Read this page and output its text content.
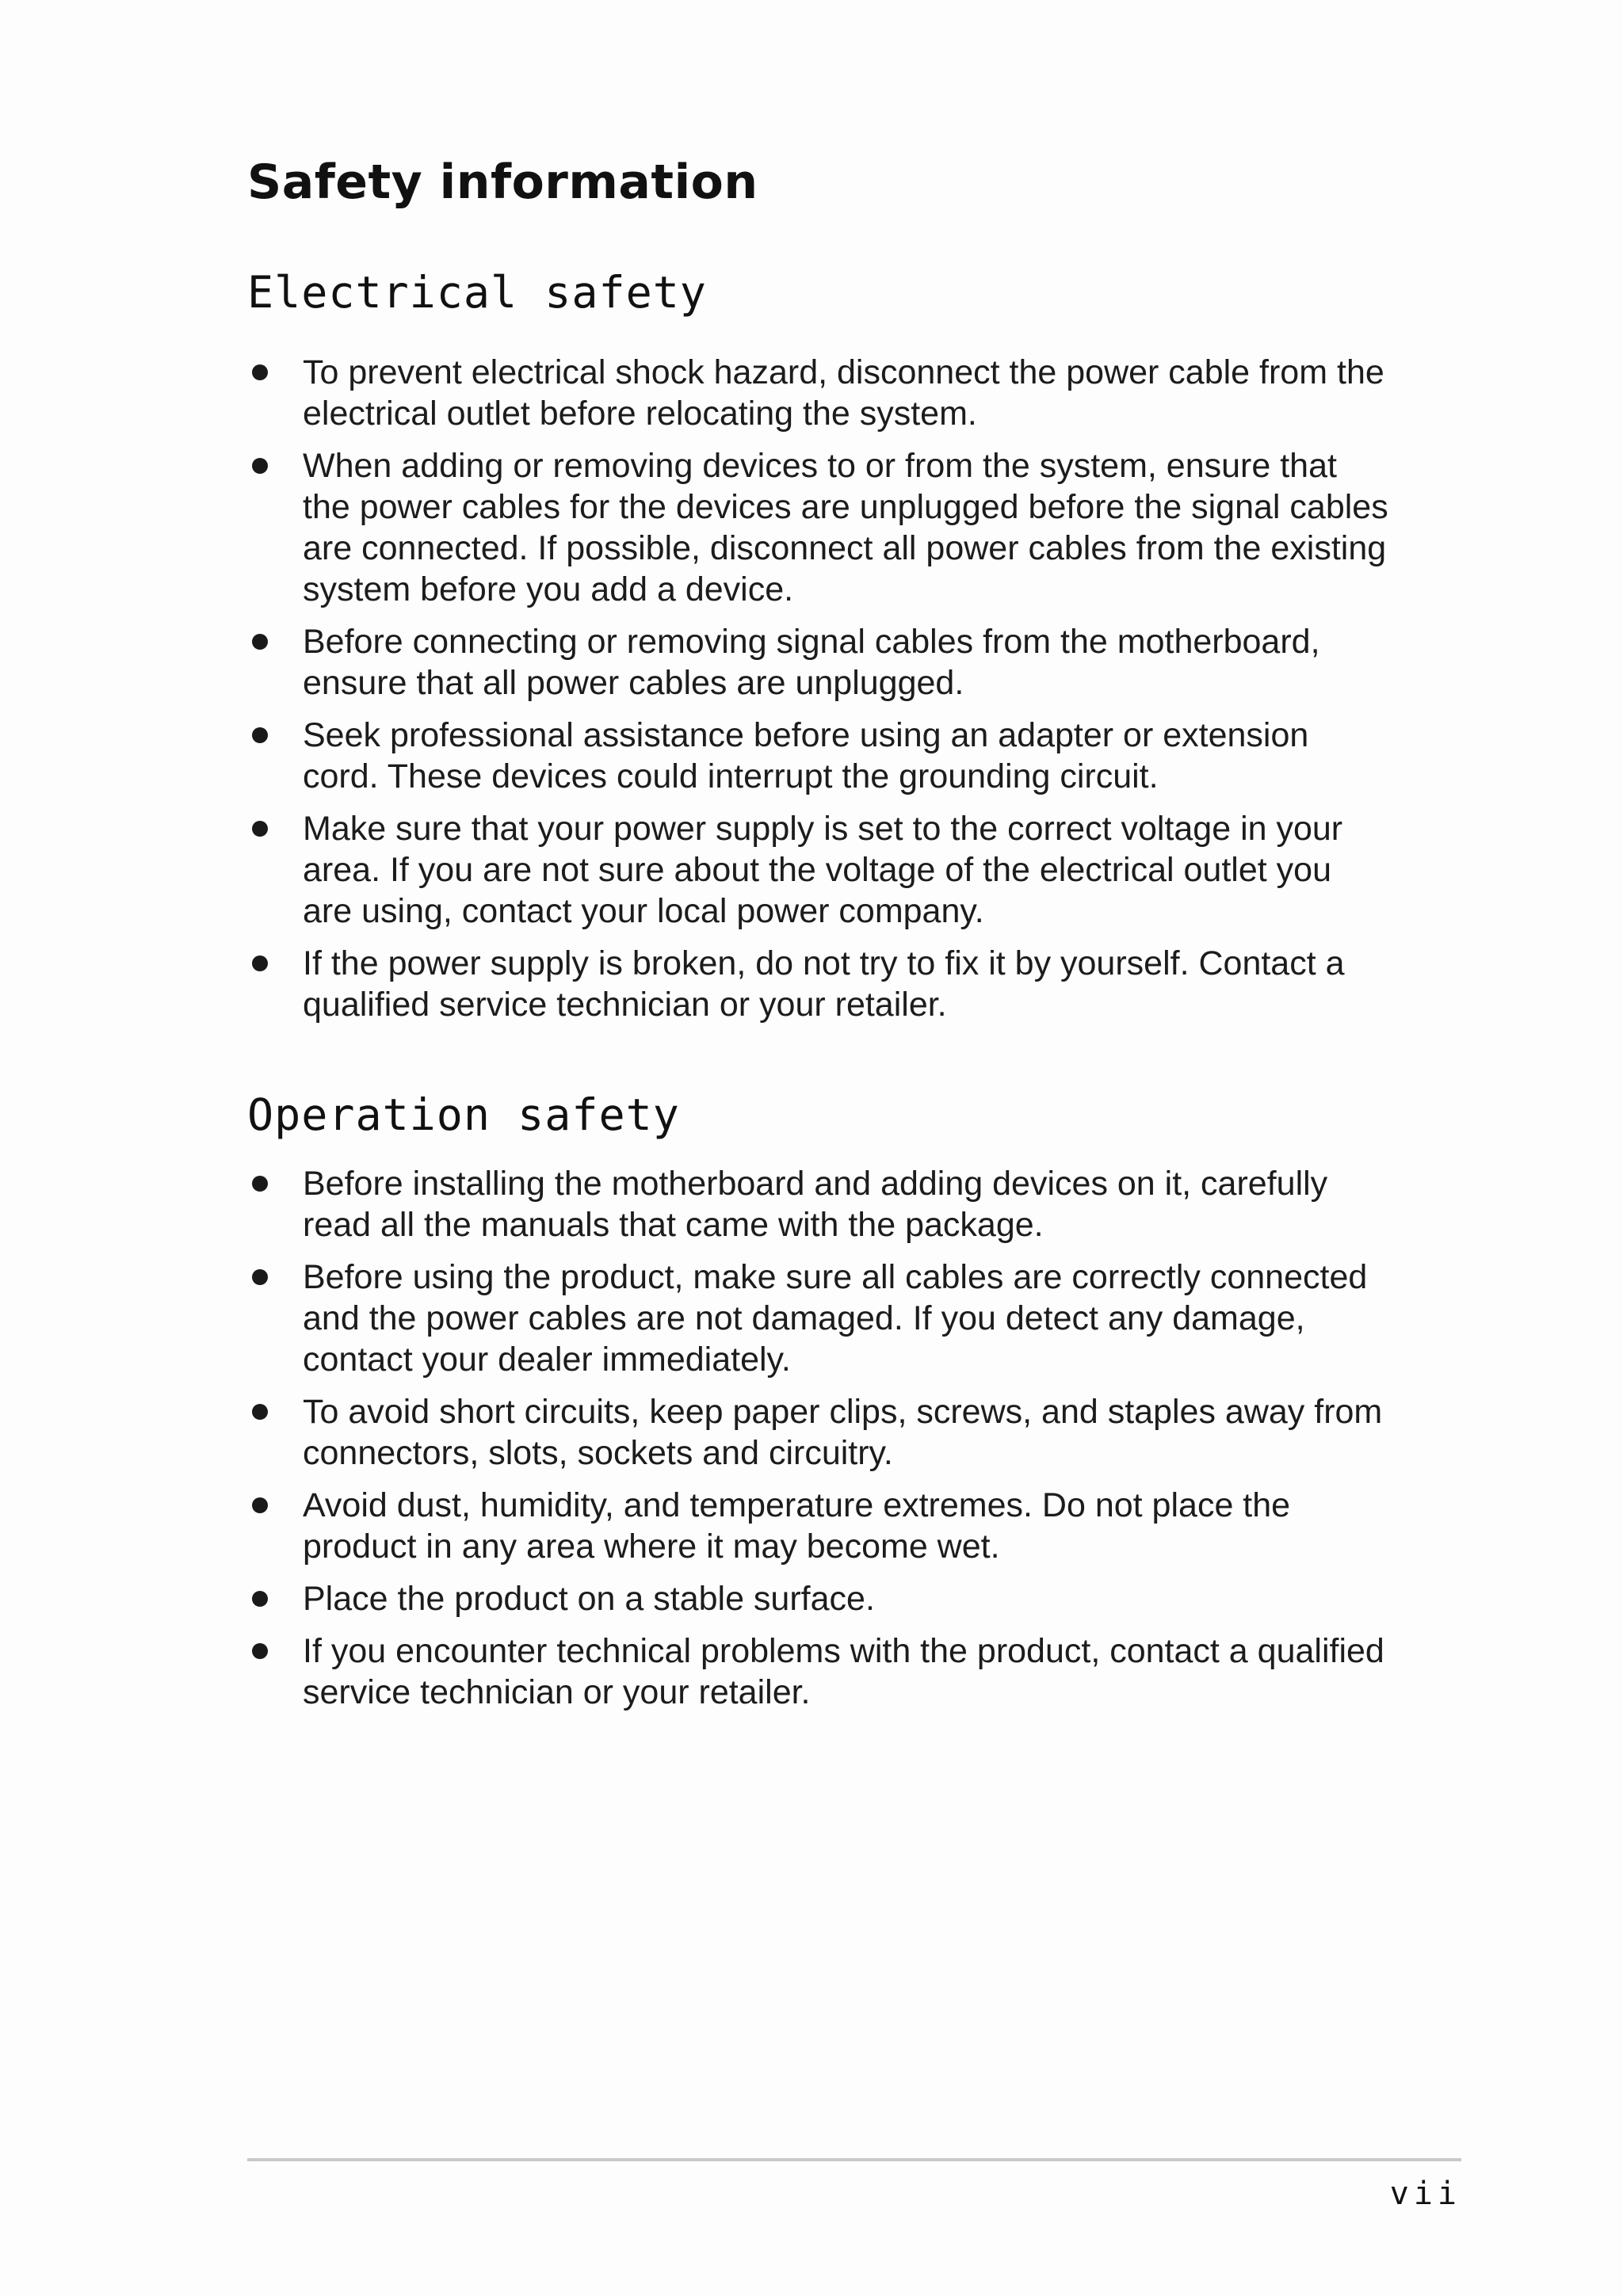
Safety information
Electrical safety
To prevent electrical shock hazard, disconnect the power cable from the electrical outlet before relocating the system.
When adding or removing devices to or from the system, ensure that the power cables for the devices are unplugged before the signal cables are connected. If possible, disconnect all power cables from the existing system before you add a device.
Before connecting or removing signal cables from the motherboard, ensure that all power cables are unplugged.
Seek professional assistance before using an adapter or extension cord. These devices could interrupt the grounding circuit.
Make sure that your power supply is set to the correct voltage in your area. If you are not sure about the voltage of the electrical outlet you are using, contact your local power company.
If the power supply is broken, do not try to fix it by yourself. Contact a qualified service technician or your retailer.
Operation safety
Before installing the motherboard and adding devices on it, carefully read all the manuals that came with the package.
Before using the product, make sure all cables are correctly connected and the power cables are not damaged. If you detect any damage, contact your dealer immediately.
To avoid short circuits, keep paper clips, screws, and staples away from connectors, slots, sockets and circuitry.
Avoid dust, humidity, and temperature extremes. Do not place the product in any area where it may become wet.
Place the product on a stable surface.
If you encounter technical problems with the product, contact a qualified service technician or your retailer.
vii
